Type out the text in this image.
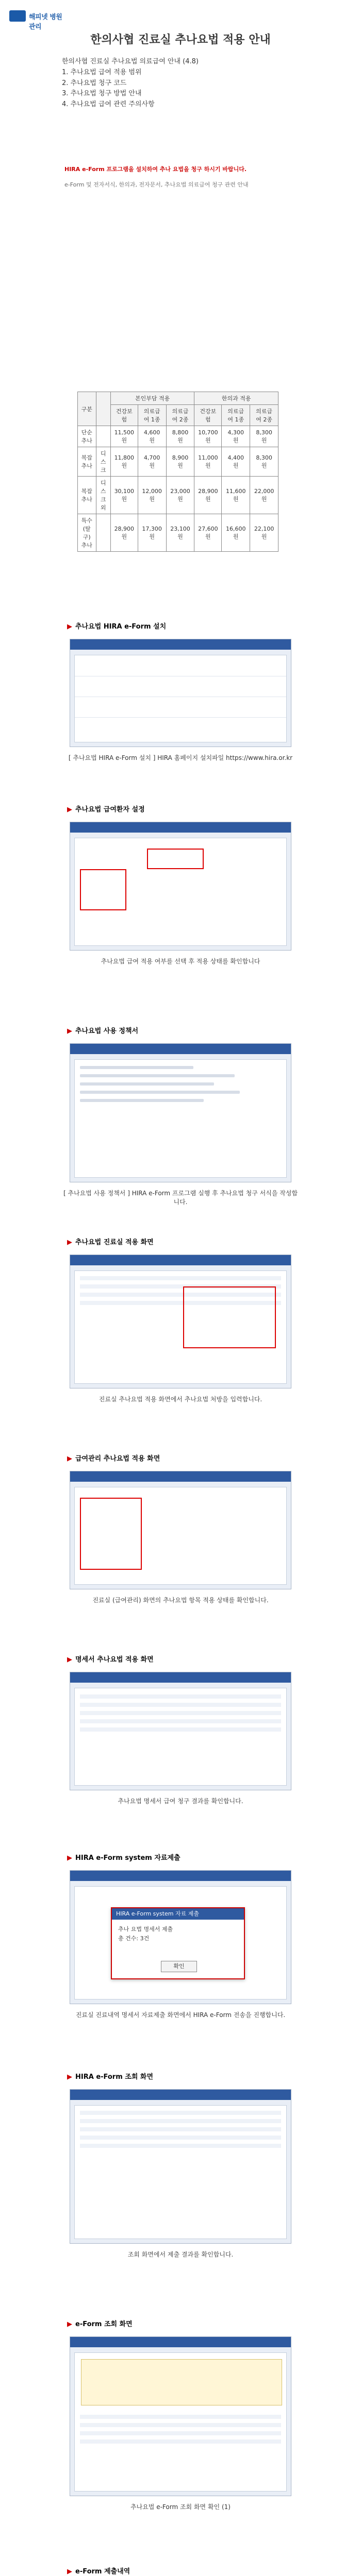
해피넷 병원관리
한의사협 진료실 추나요법 적용 안내
한의사협 진료실 추나요법 의료급여 안내 (4.8)
1. 추나요법 급여 적용 범위
2. 추나요법 청구 코드
3. 추나요법 청구 방법 안내
4. 추나요법 급여 관련 주의사항
HIRA e-Form 프로그램을 설치하여 추나 요법을 청구 하시기 바랍니다.
e-Form 및 전자서식, 한의과, 전자문서, 추나요법 의료급여 청구 관련 안내
구분		본인부담 적용			한의과 적용		
		건강보험	의료급여 1종	의료급여 2종	건강보험	의료급여 1종	의료급여 2종
단순추나		11,500원	4,600원	8,800원	10,700원	4,300원	8,300원
복잡추나	디스크	11,800원	4,700원	8,900원	11,000원	4,400원	8,300원
복잡추나	디스크 외	30,100원	12,000원	23,000원	28,900원	11,600원	22,000원
특수(탈구)추나		28,900원	17,300원	23,100원	27,600원	16,600원	22,100원
▶ 추나요법 HIRA e-Form 설치
[ 추나요법 HIRA e-Form 설치 ] HIRA 홈페이지 설치파일 https://www.hira.or.kr
▶ 추나요법 급여환자 설정
추나요법 급여 적용 여부를 선택 후 적용 상태를 확인합니다
▶ 추나요법 사용 정책서
[ 추나요법 사용 정책서 ] HIRA e-Form 프로그램 실행 후 추나요법 청구 서식을 작성합니다.
▶ 추나요법 진료실 적용 화면
진료실 추나요법 적용 화면에서 추나요법 처방을 입력합니다.
▶ 급여관리 추나요법 적용 화면
진료실 (급여관리) 화면의 추나요법 항목 적용 상태를 확인합니다.
▶ 명세서 추나요법 적용 화면
추나요법 명세서 급여 청구 결과를 확인합니다.
▶ HIRA e-Form system 자료제출
HIRA e-Form system 자료 제출
추나 요법 명세서 제출
총 건수: 3건
확인
진료실 진료내역 명세서 자료제출 화면에서 HIRA e-Form 전송을 진행합니다.
▶ HIRA e-Form 조회 화면
조회 화면에서 제출 결과를 확인합니다.
▶ e-Form 조회 화면
추나요법 e-Form 조회 화면 확인 (1)
▶ e-Form 제출내역
